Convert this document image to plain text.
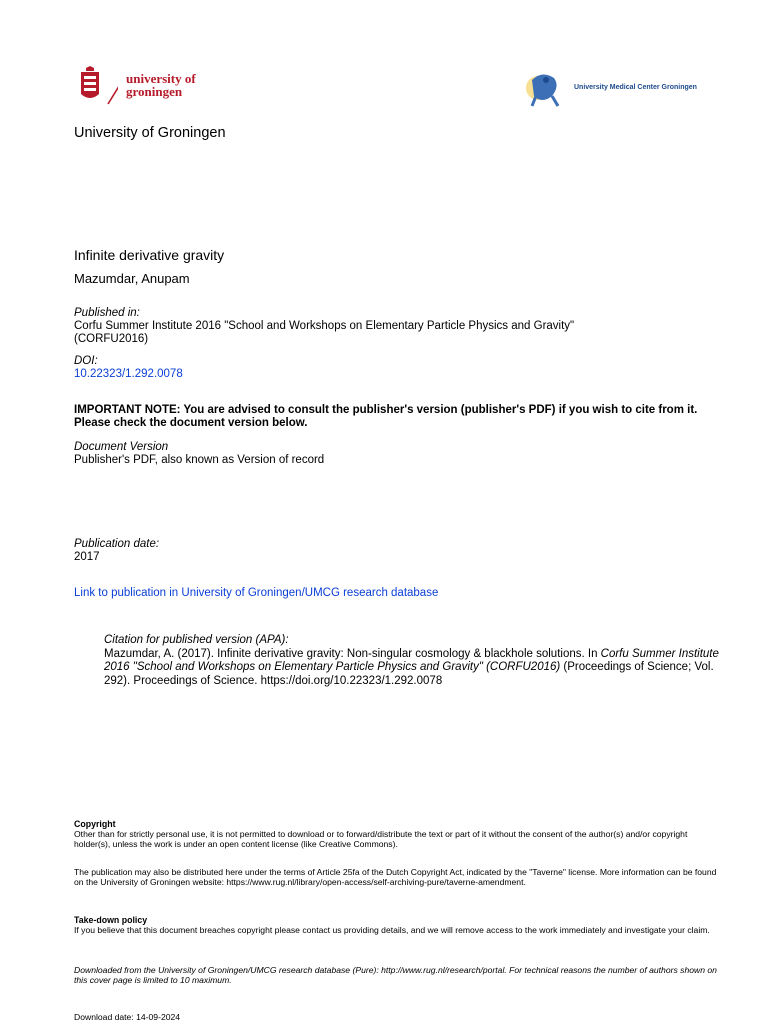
university of
groningen	University Medical Center Groningen
University of Groningen
Infinite derivative gravity
Mazumdar, Anupam
Published in:
Corfu Summer Institute 2016 "School and Workshops on Elementary Particle Physics and Gravity"
(CORFU2016)
DOI:
10.22323/1.292.0078
IMPORTANT NOTE: You are advised to consult the publisher's version (publisher's PDF) if you wish to cite from it. Please check the document version below.
Document Version
Publisher's PDF, also known as Version of record
Publication date:
2017
Link to publication in University of Groningen/UMCG research database
Citation for published version (APA):
Mazumdar, A. (2017). Infinite derivative gravity: Non-singular cosmology & blackhole solutions. In Corfu Summer Institute 2016 "School and Workshops on Elementary Particle Physics and Gravity" (CORFU2016) (Proceedings of Science; Vol. 292). Proceedings of Science. https://doi.org/10.22323/1.292.0078
Copyright
Other than for strictly personal use, it is not permitted to download or to forward/distribute the text or part of it without the consent of the author(s) and/or copyright holder(s), unless the work is under an open content license (like Creative Commons).
The publication may also be distributed here under the terms of Article 25fa of the Dutch Copyright Act, indicated by the "Taverne" license. More information can be found on the University of Groningen website: https://www.rug.nl/library/open-access/self-archiving-pure/taverne-amendment.
Take-down policy
If you believe that this document breaches copyright please contact us providing details, and we will remove access to the work immediately and investigate your claim.
Downloaded from the University of Groningen/UMCG research database (Pure): http://www.rug.nl/research/portal. For technical reasons the number of authors shown on this cover page is limited to 10 maximum.
Download date: 14-09-2024
